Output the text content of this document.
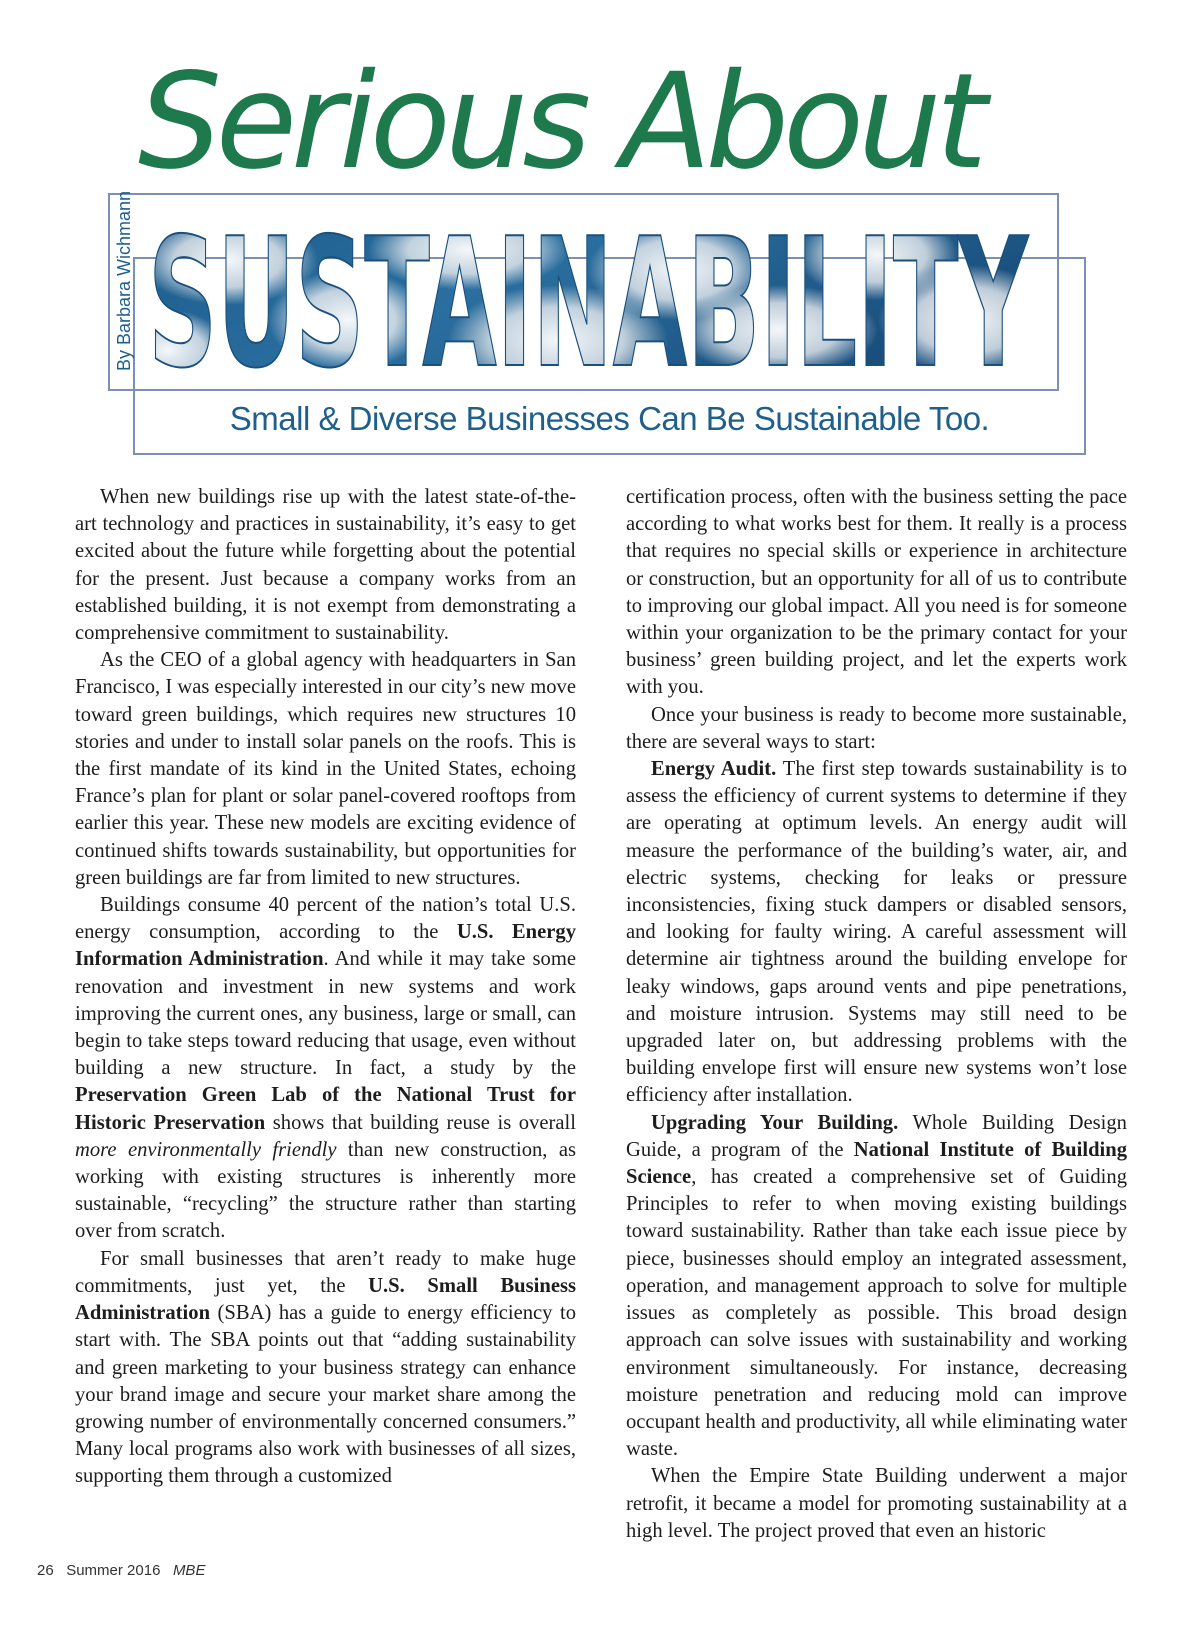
Serious About
By Barbara Wichmann SUSTAINABILITY
Small & Diverse Businesses Can Be Sustainable Too.

When new buildings rise up with the latest state-of-the-art technology and practices in sustainability, it’s easy to get excited about the future while forgetting about the potential for the present. Just because a company works from an established building, it is not exempt from demonstrating a comprehensive commitment to sustainability.

As the CEO of a global agency with headquarters in San Francisco, I was especially interested in our city’s new move toward green buildings, which requires new structures 10 stories and under to install solar panels on the roofs. This is the first mandate of its kind in the United States, echoing France’s plan for plant or solar panel-covered rooftops from earlier this year. These new models are exciting evidence of continued shifts towards sustainability, but opportunities for green buildings are far from limited to new structures.

Buildings consume 40 percent of the nation’s total U.S. energy consumption, according to the U.S. Energy Information Administration. And while it may take some renovation and investment in new systems and work improving the current ones, any business, large or small, can begin to take steps toward reducing that usage, even without building a new structure. In fact, a study by the Preservation Green Lab of the National Trust for Historic Preservation shows that building reuse is overall more environmentally friendly than new construction, as working with existing structures is inherently more sustainable, “recycling” the structure rather than starting over from scratch.

For small businesses that aren’t ready to make huge commitments, just yet, the U.S. Small Business Administration (SBA) has a guide to energy efficiency to start with. The SBA points out that “adding sustainability and green marketing to your business strategy can enhance your brand image and secure your market share among the growing number of environmentally concerned consumers.” Many local programs also work with businesses of all sizes, supporting them through a customized

certification process, often with the business setting the pace according to what works best for them. It really is a process that requires no special skills or experience in architecture or construction, but an opportunity for all of us to contribute to improving our global impact. All you need is for someone within your organization to be the primary contact for your business’ green building project, and let the experts work with you.

Once your business is ready to become more sustainable, there are several ways to start:

Energy Audit. The first step towards sustainability is to assess the efficiency of current systems to determine if they are operating at optimum levels. An energy audit will measure the performance of the building’s water, air, and electric systems, checking for leaks or pressure inconsistencies, fixing stuck dampers or disabled sensors, and looking for faulty wiring. A careful assessment will determine air tightness around the building envelope for leaky windows, gaps around vents and pipe penetrations, and moisture intrusion. Systems may still need to be upgraded later on, but addressing problems with the building envelope first will ensure new systems won’t lose efficiency after installation.

Upgrading Your Building. Whole Building Design Guide, a program of the National Institute of Building Science, has created a comprehensive set of Guiding Principles to refer to when moving existing buildings toward sustainability. Rather than take each issue piece by piece, businesses should employ an integrated assessment, operation, and management approach to solve for multiple issues as completely as possible. This broad design approach can solve issues with sustainability and working environment simultaneously. For instance, decreasing moisture penetration and reducing mold can improve occupant health and productivity, all while eliminating water waste.

When the Empire State Building underwent a major retrofit, it became a model for promoting sustainability at a high level. The project proved that even an historic

26 Summer 2016 MBE
